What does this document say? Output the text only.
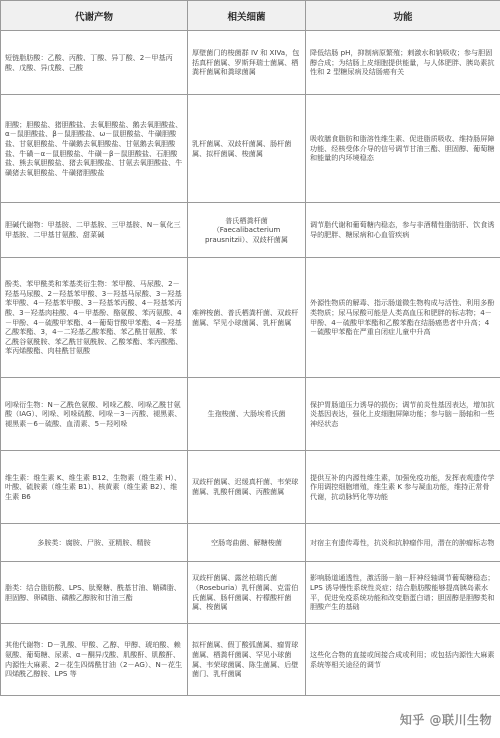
代谢产物	相关细菌	功能
短链脂肪酸：乙酸、丙酸、丁酸、异丁酸、2－甲基丙酸、戊酸、异戊酸、己酸	厚壁菌门的梭菌群 IV 和 XIVa，包括真杆菌属、罗斯拜瑞士菌属、栖粪杆菌属和粪球菌属	降低结肠 pH，抑制病原繁殖；刺激水和钠吸收；参与胆固醇合成；为结肠上皮细胞提供能量，与人体肥胖、胰岛素抗性和 2 型糖尿病及结肠癌有关
胆酸；胆酸盐、猪胆酸盐、去氧胆酸盐、鹅去氧胆酸盐、α－鼠胆酸盐、β－鼠胆酸盐、ω－鼠胆酸盐、牛磺胆酸盐、甘氨胆酸盐、牛磺鹅去氧胆酸盐、甘氨鹅去氧胆酸盐、牛磺－α－鼠胆酸盐、牛磺－β－鼠胆酸盐、石胆酸盐、熊去氧胆酸盐、猪去氧胆酸盐、甘氨去氧胆酸盐、牛磺猪去氧胆酸盐、牛磺猪胆酸盐	乳杆菌属、双歧杆菌属、肠杆菌属、拟杆菌属、梭菌属	吸收膳食脂肪和脂溶性维生素、促进脂质吸收、维持肠屏障功能、经核受体介导的信号调节甘油三酯、胆固醇、葡萄糖和能量的内环境稳态
胆碱代谢物：甲基胺、二甲基胺、三甲基胺、N－氧化三甲基胺、二甲基甘氨酸、甜菜碱	普氏栖粪杆菌（Faecalibacterium prausnitzii）、双歧杆菌属	调节脂代谢和葡萄糖内稳态，参与非酒精性脂肪肝、饮食诱导的肥胖、糖尿病和心血管疾病
酚类、苯甲酰类和苯基类衍生物：苯甲酸、马尿酸、2－羟基马尿酸、2－羟基苯甲酸、3－羟基马尿酸、3－羟基苯甲酸、4－羟基苯甲酸、3－羟基苯丙酸、4－羟基苯丙酸、3－羟基肉桂酸、4－甲基酚、酪氨酸、苯丙氨酸、4－甲酚、4－硫酸甲苯酯、4－葡萄苷酸甲苯酯、4－羟基乙酸苯酯、3，4－二羟基乙酸苯酯、苯乙酰甘氨酸、苯乙酰谷氨酰胺、苯乙酰甘氨酰胺、乙酸苯酯、苯丙酸酯、苯丙烯酸酯、肉桂酰甘氨酸	难辨梭菌、普氏栖粪杆菌、双歧杆菌属、罕见小球菌属、乳杆菌属	外源性物质的解毒、指示肠道微生物构成与活性、利用多酚类物质；尿马尿酸可能是人类高血压和肥胖的标志物；4－甲酚、4－硫酸甲苯酯和乙酸苯酯在结肠癌患者中升高；4－硫酸甲苯酯在严重自闭症儿童中升高
吲哚衍生物：N－乙酰色氨酸、吲哚乙酸、吲哚乙酰甘氨酸（IAG）、吲哚、吲哚硫酸、吲哚－3－丙酸、褪黑素、褪黑素－6－硫酸、血清素、5－羟吲哚	生孢梭菌、大肠埃希氏菌	保护胃肠道压力诱导的损伤；调节前炎性基因表达，增加抗炎基因表达，强化上皮细胞屏障功能；参与脑－肠轴和一些神经状态
维生素：维生素 K、维生素 B12、生物素（维生素 H）、叶酸、硫胺素（维生素 B1）、核黄素（维生素 B2）、维生素 B6	双歧杆菌属、迟缓真杆菌、韦荣球菌属、乳酸杆菌属、丙酸菌属	提供互补的内源性维生素，加强免疫功能，发挥表观遗传学作用调控细胞增殖，维生素 K 参与凝血功能，维持正常骨代谢，抗动脉钙化等功能
多胺类：腐胺、尸胺、亚精胺、精胺	空肠弯曲菌、解糖梭菌	对宿主有遗传毒性，抗炎和抗肿瘤作用，潜在的肿瘤标志物
脂类：结合脂肪酸、LPS、肽聚糖、酰基甘油、鞘磷脂、胆固醇、卵磷脂、磷酸乙醇胺和甘油三酯	双歧杆菌属、露丝柏瑞氏菌（Roseburia）乳杆菌属、克雷伯氏菌属、肠杆菌属、柠檬酸杆菌属、梭菌属	影响肠道通透性，激活肠－脑－肝神经轴调节葡萄糖稳态；LPS 诱导慢性系统性炎症；结合脂肪酸能够提高胰岛素水平，促进免疫系统功能和改变脂蛋白谱；胆固醇是胆醇类和胆酸产生的基础
其他代谢物：D－乳酸、甲酸、乙醇、甲醇、琥珀酸、赖氨酸、葡萄糖、尿素、α－酮异戊酸、肌酸酐、肌酸酐、内源性大麻素、2－花生四烯酰甘油（2－AG）、N－花生四烯酰乙醇胺、LPS 等	拟杆菌属、假丁酸弧菌属、瘤胃球菌属、栖粪杆菌属、罕见小球菌属、韦荣球菌属、陈生菌属、后壁菌门、乳杆菌属	这些化合物的直接或间接合成或利用；或包括内源性大麻素系统等相关途径的调节
知乎 @联川生物
